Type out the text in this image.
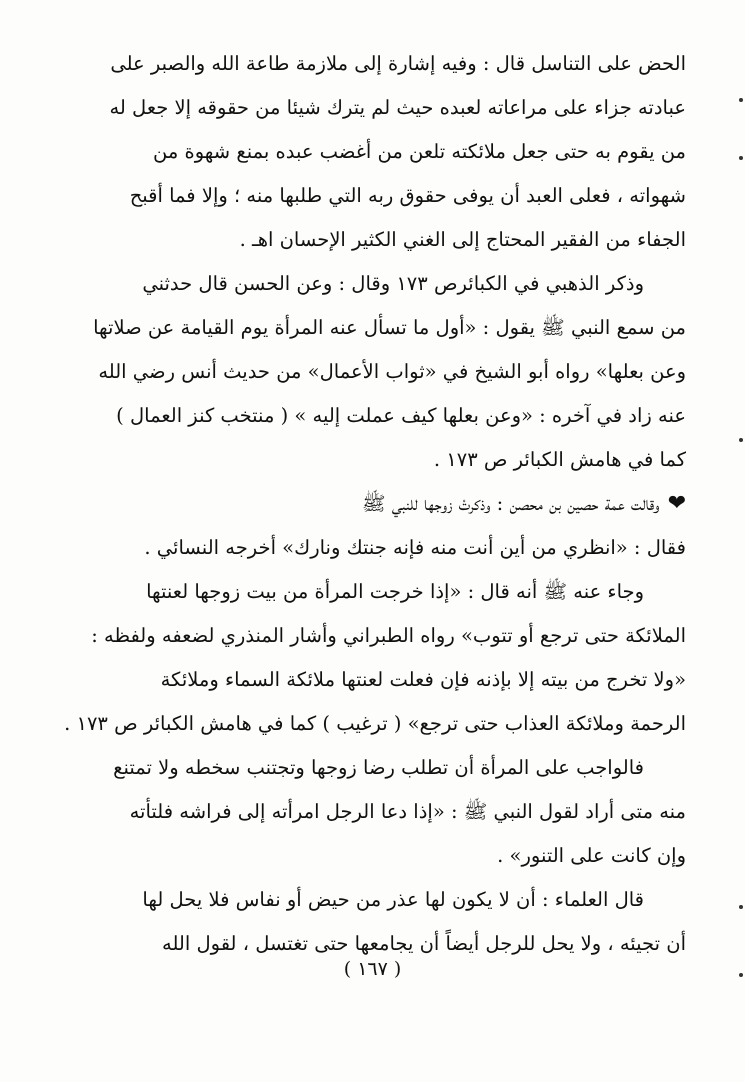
الحض على التناسل قال : وفيه إشارة إلى ملازمة طاعة الله والصبر على
عبادته جزاء على مراعاته لعبده حيث لم يترك شيئا من حقوقه إلا جعل له
من يقوم به حتى جعل ملائكته تلعن من أغضب عبده بمنع شهوة من
شهواته ، فعلى العبد أن يوفى حقوق ربه التي طلبها منه ؛ وإلا فما أقبح
الجفاء من الفقير المحتاج إلى الغني الكثير الإحسان اهـ .
وذكر الذهبي في الكبائرص ١٧٣ وقال : وعن الحسن قال حدثني
من سمع النبي ﷺ يقول : «أول ما تسأل عنه المرأة يوم القيامة عن صلاتها
وعن بعلها» رواه أبو الشيخ في «ثواب الأعمال» من حديث أنس رضي الله
عنه زاد في آخره : «وعن بعلها كيف عملت إليه » ( منتخب كنز العمال )
كما في هامش الكبائر ص ١٧٣ .
❤وقالت عمة حصين بن محصن : وذكرتْ زوجها للنبي ﷺ
فقال : «انظري من أين أنت منه فإنه جنتك ونارك» أخرجه النسائي .
وجاء عنه ﷺ أنه قال : «إذا خرجت المرأة من بيت زوجها لعنتها
الملائكة حتى ترجع أو تتوب» رواه الطبراني وأشار المنذري لضعفه ولفظه :
«ولا تخرج من بيته إلا بإذنه فإن فعلت لعنتها ملائكة السماء وملائكة
الرحمة وملائكة العذاب حتى ترجع» ( ترغيب ) كما في هامش الكبائر ص ١٧٣ .
فالواجب على المرأة أن تطلب رضا زوجها وتجتنب سخطه ولا تمتنع
منه متى أراد لقول النبي ﷺ : «إذا دعا الرجل امرأته إلى فراشه فلتأته
وإن كانت على التنور» .
قال العلماء : أن لا يكون لها عذر من حيض أو نفاس فلا يحل لها
أن تجيئه ، ولا يحل للرجل أيضاً أن يجامعها حتى تغتسل ، لقول الله
( ١٦٧ )
